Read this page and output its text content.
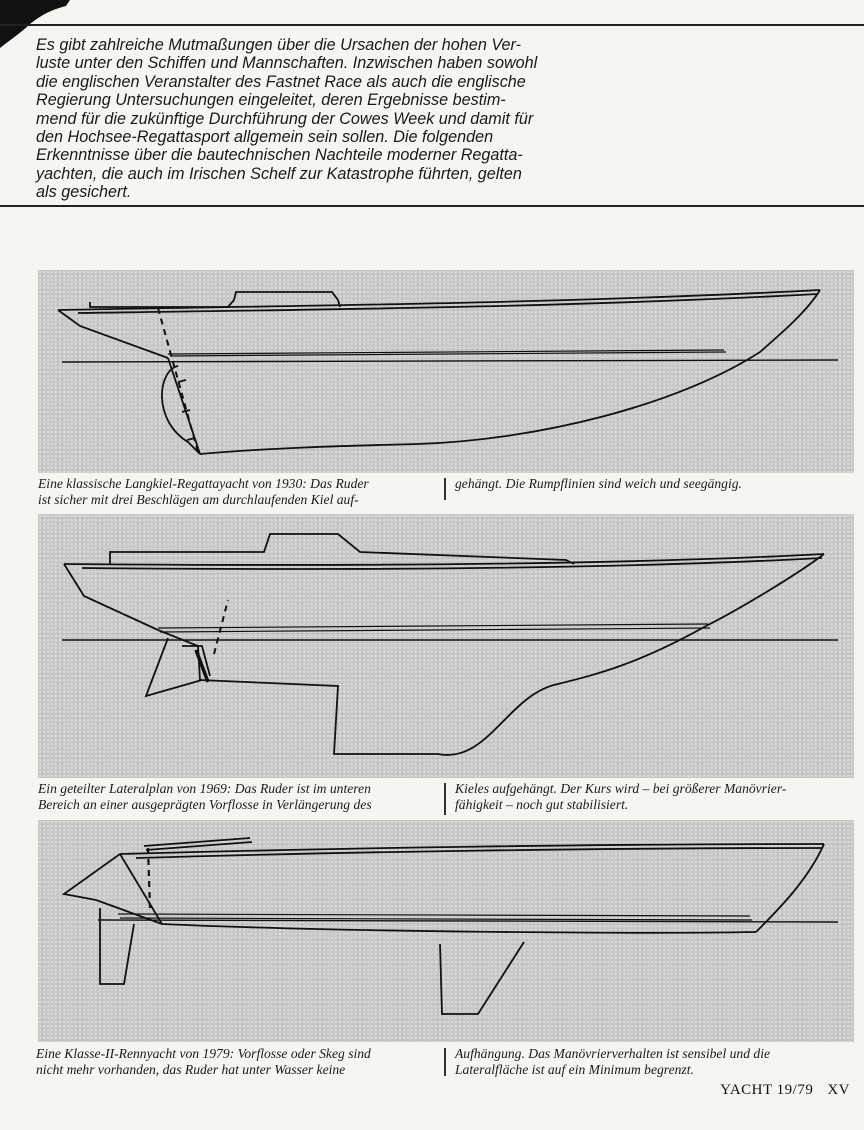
Es gibt zahlreiche Mutmaßungen über die Ursachen der hohen Ver-
luste unter den Schiffen und Mannschaften. Inzwischen haben sowohl
die englischen Veranstalter des Fastnet Race als auch die englische
Regierung Untersuchungen eingeleitet, deren Ergebnisse bestim-
mend für die zukünftige Durchführung der Cowes Week und damit für
den Hochsee-Regattasport allgemein sein sollen. Die folgenden
Erkenntnisse über die bautechnischen Nachteile moderner Regatta-
yachten, die auch im Irischen Schelf zur Katastrophe führten, gelten
als gesichert.

Eine klassische Langkiel-Regattayacht von 1930: Das Ruder
ist sicher mit drei Beschlägen am durchlaufenden Kiel auf-

gehängt. Die Rumpflinien sind weich und seegängig.

Ein geteilter Lateralplan von 1969: Das Ruder ist im unteren
Bereich an einer ausgeprägten Vorflosse in Verlängerung des

Kieles aufgehängt. Der Kurs wird – bei größerer Manövrier-
fähigkeit – noch gut stabilisiert.

Eine Klasse-II-Rennyacht von 1979: Vorflosse oder Skeg sind
nicht mehr vorhanden, das Ruder hat unter Wasser keine

Aufhängung. Das Manövrierverhalten ist sensibel und die
Lateralfläche ist auf ein Minimum begrenzt.

YACHT 19/79 XV
